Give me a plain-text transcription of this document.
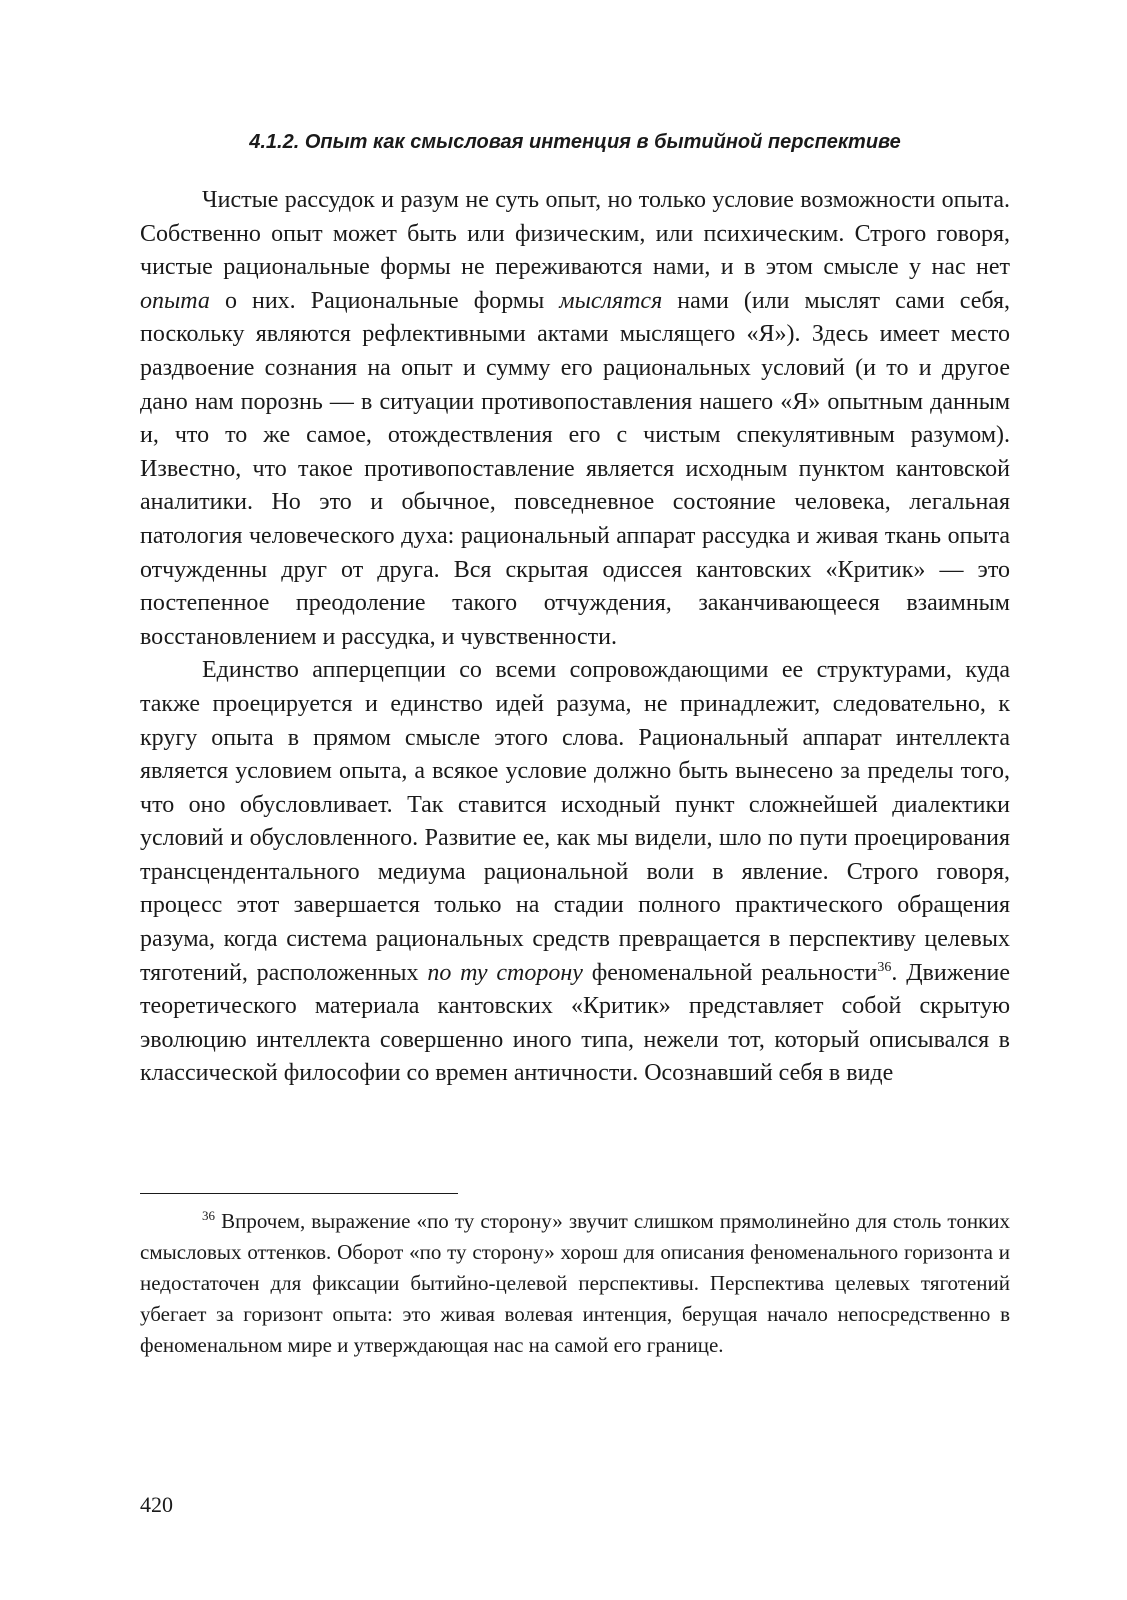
4.1.2. Опыт как смысловая интенция в бытийной перспективе

Чистые рассудок и разум не суть опыт, но только условие возможности опыта. Собственно опыт может быть или физическим, или психическим. Строго говоря, чистые рациональные формы не переживаются нами, и в этом смысле у нас нет опыта о них. Рациональные формы мыслятся нами (или мыслят сами себя, поскольку являются рефлективными актами мыслящего «Я»). Здесь имеет место раздвоение сознания на опыт и сумму его рациональных условий (и то и другое дано нам порознь — в ситуации противопоставления нашего «Я» опытным данным и, что то же самое, отождествления его с чистым спекулятивным разумом). Известно, что такое противопоставление является исходным пунктом кантовской аналитики. Но это и обычное, повседневное состояние человека, легальная патология человеческого духа: рациональный аппарат рассудка и живая ткань опыта отчужденны друг от друга. Вся скрытая одиссея кантовских «Критик» — это постепенное преодоление такого отчуждения, заканчивающееся взаимным восстановлением и рассудка, и чувственности.

Единство апперцепции со всеми сопровождающими ее структурами, куда также проецируется и единство идей разума, не принадлежит, следовательно, к кругу опыта в прямом смысле этого слова. Рациональный аппарат интеллекта является условием опыта, а всякое условие должно быть вынесено за пределы того, что оно обусловливает. Так ставится исходный пункт сложнейшей диалектики условий и обусловленного. Развитие ее, как мы видели, шло по пути проецирования трансцендентального медиума рациональной воли в явление. Строго говоря, процесс этот завершается только на стадии полного практического обращения разума, когда система рациональных средств превращается в перспективу целевых тяготений, расположенных по ту сторону феноменальной реальности$^{36}$. Движение теоретического материала кантовских «Критик» представляет собой скрытую эволюцию интеллекта совершенно иного типа, нежели тот, который описывался в классической философии со времен античности. Осознавший себя в виде

$^{36}$ Впрочем, выражение «по ту сторону» звучит слишком прямолинейно для столь тонких смысловых оттенков. Оборот «по ту сторону» хорош для описания феноменального горизонта и недостаточен для фиксации бытийно-целевой перспективы. Перспектива целевых тяготений убегает за горизонт опыта: это живая волевая интенция, берущая начало непосредственно в феноменальном мире и утверждающая нас на самой его границе.

420
